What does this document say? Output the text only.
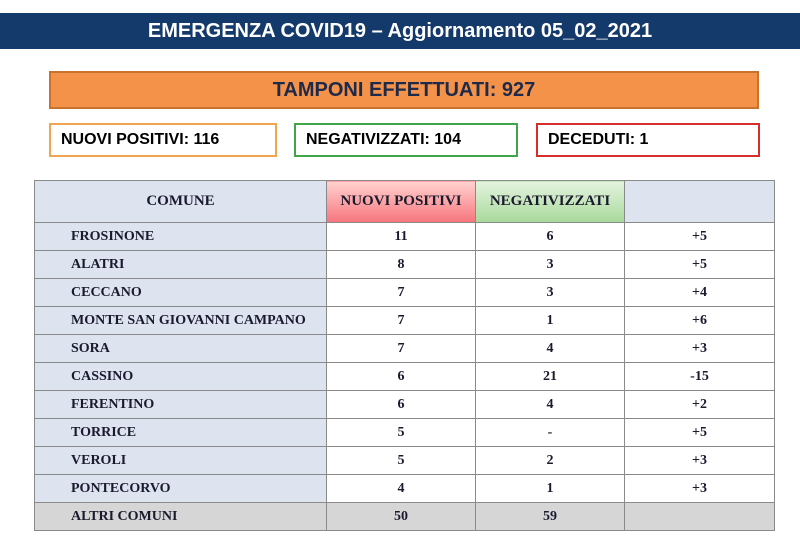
EMERGENZA COVID19 – Aggiornamento 05_02_2021
TAMPONI EFFETTUATI: 927
NUOVI POSITIVI: 116	NEGATIVIZZATI: 104	DECEDUTI: 1
COMUNE	NUOVI POSITIVI	NEGATIVIZZATI	
FROSINONE	11	6	+5
ALATRI	8	3	+5
CECCANO	7	3	+4
MONTE SAN GIOVANNI CAMPANO	7	1	+6
SORA	7	4	+3
CASSINO	6	21	-15
FERENTINO	6	4	+2
TORRICE	5	-	+5
VEROLI	5	2	+3
PONTECORVO	4	1	+3
ALTRI COMUNI	50	59	
